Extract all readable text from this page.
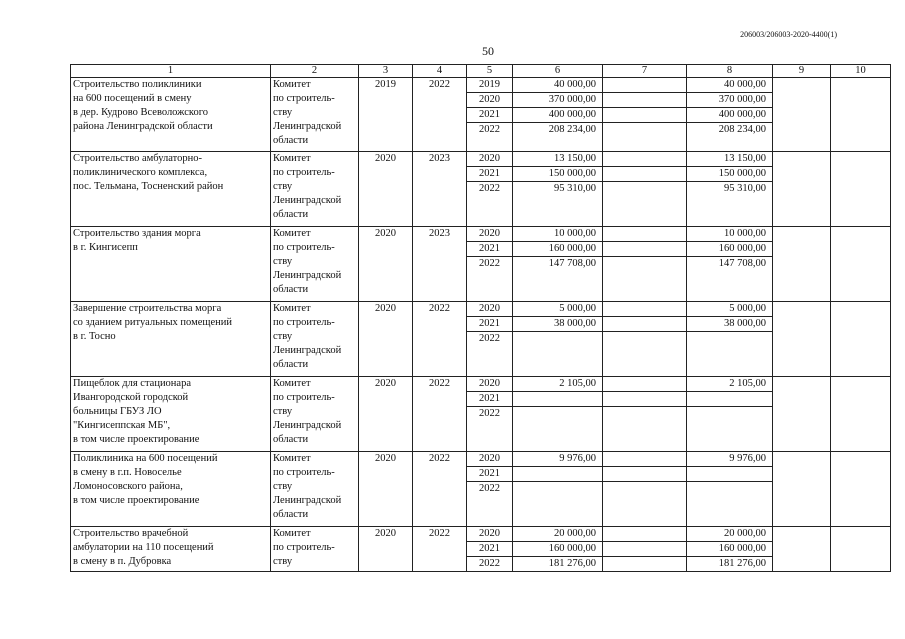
206003/206003-2020-4400(1)
50
1	2	3	4	5	6	7	8	9	10
Строительство поликлиники
на 600 посещений в смену
в дер. Кудрово Всеволожского
района Ленинградской области	Комитет
по строитель-
ству
Ленинградской
области	2019	2022	2019	40 000,00		40 000,00		
				2020	370 000,00		370 000,00		
				2021	400 000,00		400 000,00		
				2022	208 234,00		208 234,00		
Строительство амбулаторно-
поликлинического комплекса,
пос. Тельмана, Тосненский район	Комитет
по строитель-
ству
Ленинградской
области	2020	2023	2020	13 150,00		13 150,00		
				2021	150 000,00		150 000,00		
				2022	95 310,00		95 310,00		
Строительство здания морга
в г. Кингисепп	Комитет
по строитель-
ству
Ленинградской
области	2020	2023	2020	10 000,00		10 000,00		
				2021	160 000,00		160 000,00		
				2022	147 708,00		147 708,00		
Завершение строительства морга
со зданием ритуальных помещений
в г. Тосно	Комитет
по строитель-
ству
Ленинградской
области	2020	2022	2020	5 000,00		5 000,00		
				2021	38 000,00		38 000,00		
				2022					
Пищеблок для стационара
Ивангородской городской
больницы ГБУЗ ЛО
"Кингисеппская МБ",
в том числе проектирование	Комитет
по строитель-
ству
Ленинградской
области	2020	2022	2020	2 105,00		2 105,00		
				2021					
				2022					
Поликлиника на 600 посещений
в смену в г.п. Новоселье
Ломоносовского района,
в том числе проектирование	Комитет
по строитель-
ству
Ленинградской
области	2020	2022	2020	9 976,00		9 976,00		
				2021					
				2022					
Строительство врачебной
амбулатории на 110 посещений
в смену в п. Дубровка	Комитет
по строитель-
ству	2020	2022	2020	20 000,00		20 000,00		
				2021	160 000,00		160 000,00		
				2022	181 276,00		181 276,00		
